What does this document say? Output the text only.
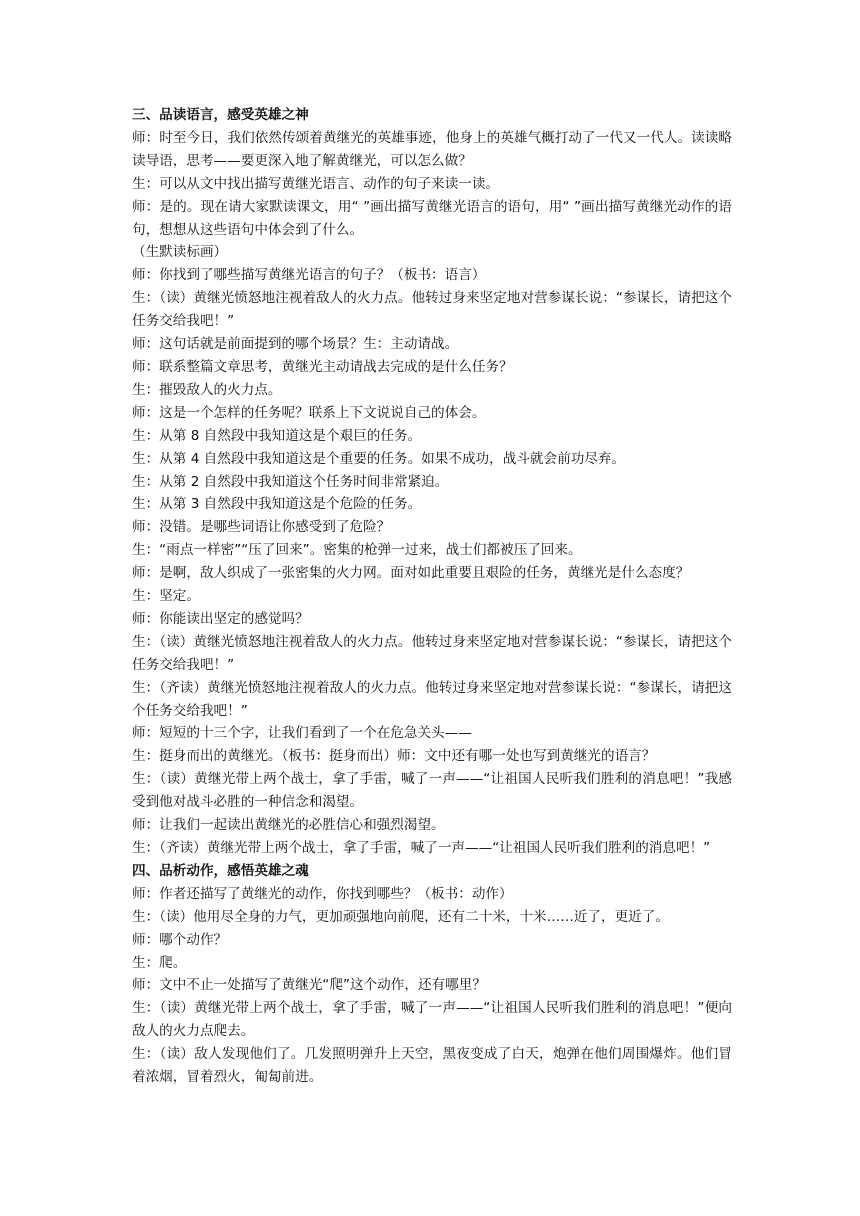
三、品读语言，感受英雄之神

师：时至今日，我们依然传颂着黄继光的英雄事迹，他身上的英雄气概打动了一代又一代人。读读略读导语，思考——要更深入地了解黄继光，可以怎么做？

生：可以从文中找出描写黄继光语言、动作的句子来读一读。

师：是的。现在请大家默读课文，用“ ”画出描写黄继光语言的语句，用“ ”画出描写黄继光动作的语句，想想从这些语句中体会到了什么。

（生默读标画）

师：你找到了哪些描写黄继光语言的句子？（板书：语言）

生：（读）黄继光愤怒地注视着敌人的火力点。他转过身来坚定地对营参谋长说：“参谋长，请把这个任务交给我吧！”

师：这句话就是前面提到的哪个场景？生：主动请战。

师：联系整篇文章思考，黄继光主动请战去完成的是什么任务？

生：摧毁敌人的火力点。

师：这是一个怎样的任务呢？联系上下文说说自己的体会。

生：从第 8 自然段中我知道这是个艰巨的任务。

生：从第 4 自然段中我知道这是个重要的任务。如果不成功，战斗就会前功尽弃。

生：从第 2 自然段中我知道这个任务时间非常紧迫。

生：从第 3 自然段中我知道这是个危险的任务。

师：没错。是哪些词语让你感受到了危险？

生：“雨点一样密”“压了回来”。密集的枪弹一过来，战士们都被压了回来。

师：是啊，敌人织成了一张密集的火力网。面对如此重要且艰险的任务，黄继光是什么态度？

生：坚定。

师：你能读出坚定的感觉吗？

生：（读）黄继光愤怒地注视着敌人的火力点。他转过身来坚定地对营参谋长说：“参谋长，请把这个任务交给我吧！”

生：（齐读）黄继光愤怒地注视着敌人的火力点。他转过身来坚定地对营参谋长说：“参谋长，请把这个任务交给我吧！”

师：短短的十三个字，让我们看到了一个在危急关头——

生：挺身而出的黄继光。（板书：挺身而出）师：文中还有哪一处也写到黄继光的语言？

生：（读）黄继光带上两个战士，拿了手雷，喊了一声——“让祖国人民听我们胜利的消息吧！”我感受到他对战斗必胜的一种信念和渴望。

师：让我们一起读出黄继光的必胜信心和强烈渴望。

生：（齐读）黄继光带上两个战士，拿了手雷，喊了一声——“让祖国人民听我们胜利的消息吧！”

四、品析动作，感悟英雄之魂

师：作者还描写了黄继光的动作，你找到哪些？（板书：动作）

生：（读）他用尽全身的力气，更加顽强地向前爬，还有二十米，十米……近了，更近了。

师：哪个动作？

生：爬。

师：文中不止一处描写了黄继光“爬”这个动作，还有哪里？

生：（读）黄继光带上两个战士，拿了手雷，喊了一声——“让祖国人民听我们胜利的消息吧！”便向敌人的火力点爬去。

生：（读）敌人发现他们了。几发照明弹升上天空，黑夜变成了白天，炮弹在他们周围爆炸。他们冒着浓烟，冒着烈火，匍匐前进。
